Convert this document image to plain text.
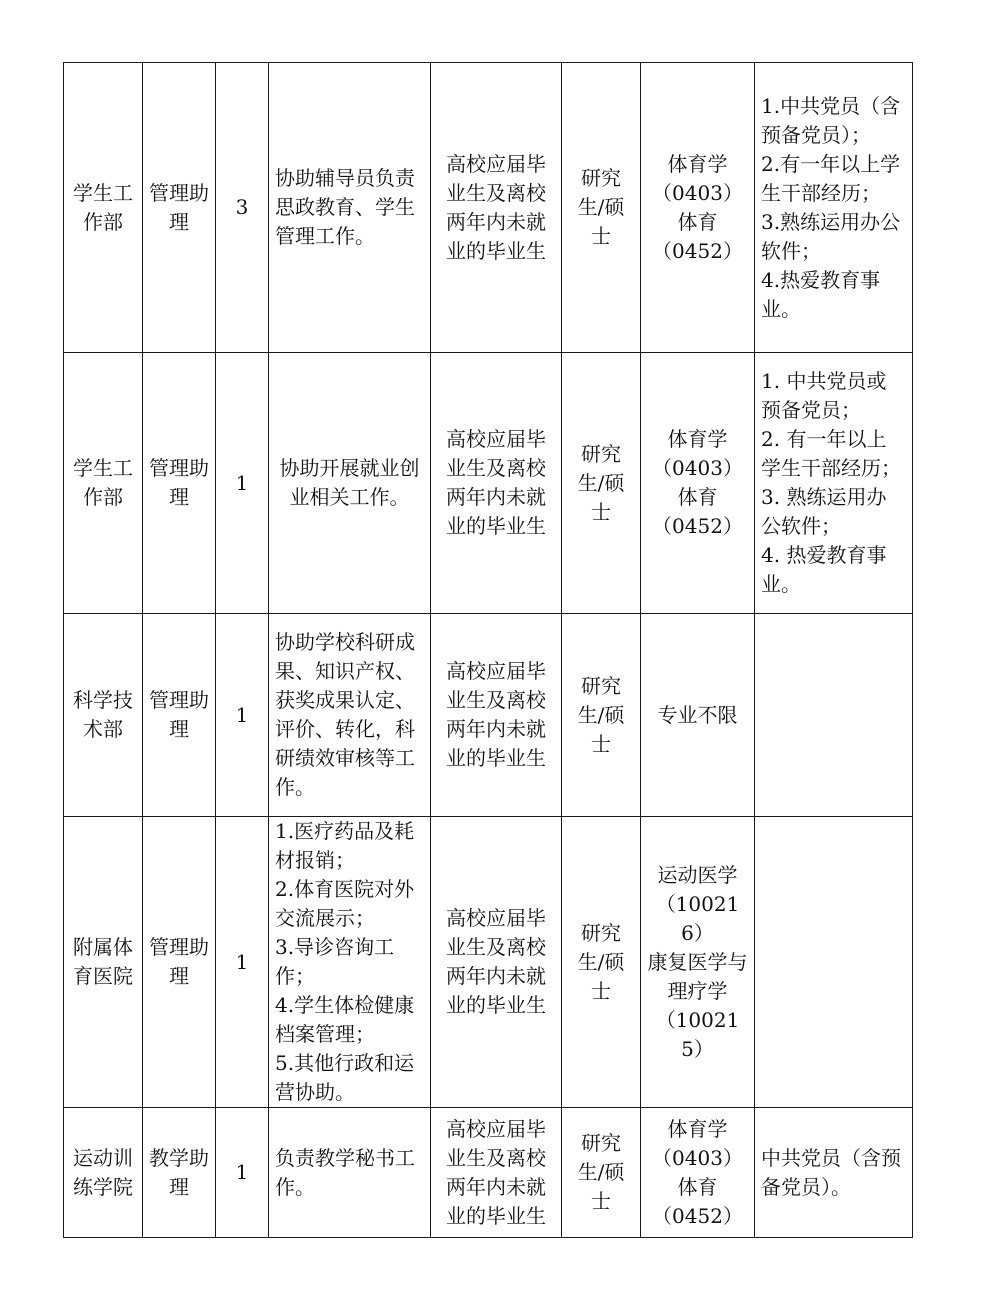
学生工作部	管理助理	3	协助辅导员负责思政教育、学生管理工作。	高校应届毕业生及离校两年内未就业的毕业生	研究生/硕士	体育学
（0403）
体育
（0452）	1.中共党员（含预备党员）；
2.有一年以上学生干部经历；
3.熟练运用办公软件；
4.热爱教育事业。

学生工作部	管理助理	1	协助开展就业创业相关工作。	高校应届毕业生及离校两年内未就业的毕业生	研究生/硕士	体育学
（0403）
体育
（0452）	1. 中共党员或预备党员；
2. 有一年以上学生干部经历；
3. 熟练运用办公软件；
4. 热爱教育事业。

科学技术部	管理助理	1	协助学校科研成果、知识产权、获奖成果认定、评价、转化，科研绩效审核等工作。	高校应届毕业生及离校两年内未就业的毕业生	研究生/硕士	专业不限	

附属体育医院	管理助理	1	1.医疗药品及耗材报销；
2.体育医院对外交流展示；
3.导诊咨询工作；
4.学生体检健康档案管理；
5.其他行政和运营协助。	高校应届毕业生及离校两年内未就业的毕业生	研究生/硕士	运动医学
（100216）
康复医学与理疗学
（100215）	

运动训练学院	教学助理	1	负责教学秘书工作。	高校应届毕业生及离校两年内未就业的毕业生	研究生/硕士	体育学
（0403）
体育
（0452）	中共党员（含预备党员）。
